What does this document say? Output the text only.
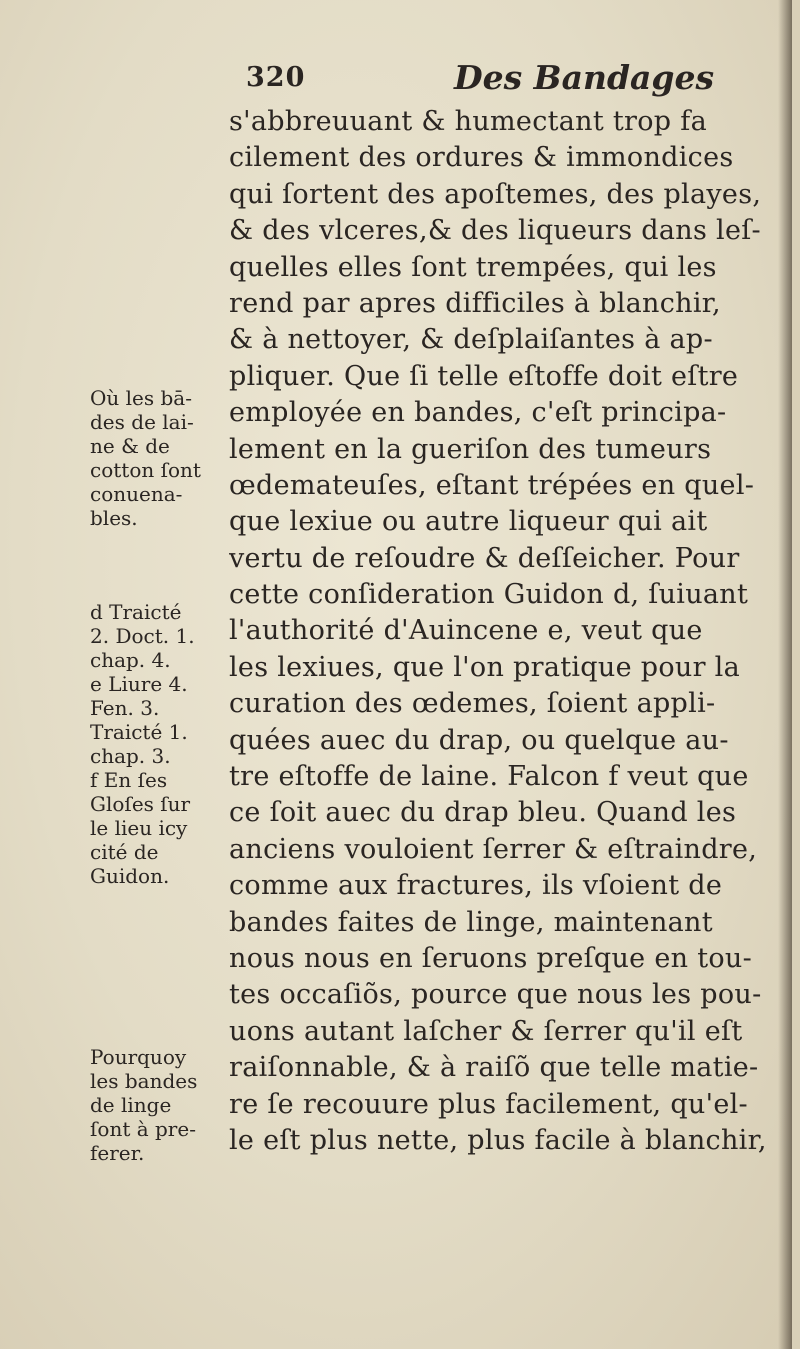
320	Des Bandages
s'abbreuuant & humectant trop fa
cilement des ordures & immondices
qui ſortent des apoſtemes, des playes,
& des vlceres,& des liqueurs dans leſ-
quelles elles ſont trempées, qui les
rend par apres difficiles à blanchir,
& à nettoyer, & deſplaiſantes à ap-
pliquer. Que ſi telle eſtoffe doit eſtre
employée en bandes, c'eſt principa-
lement en la gueriſon des tumeurs
œdemateuſes, eſtant trépées en quel-
que lexiue ou autre liqueur qui ait
vertu de reſoudre & deſſeicher. Pour
cette conſideration Guidon d, ſuiuant
l'authorité d'Auincene e, veut que
les lexiues, que l'on pratique pour la
curation des œdemes, ſoient appli-
quées auec du drap, ou quelque au-
tre eſtoffe de laine. Falcon f veut que
ce ſoit auec du drap bleu. Quand les
anciens vouloient ſerrer & eſtraindre,
comme aux fractures, ils vſoient de
bandes faites de linge, maintenant
nous nous en ſeruons preſque en tou-
tes occaſiõs, pource que nous les pou-
uons autant laſcher & ſerrer qu'il eſt
raiſonnable, & à raiſõ que telle matie-
re ſe recouure plus facilement, qu'el-
le eſt plus nette, plus facile à blanchir,
Où les bā-
des de lai-
ne & de
cotton ſont
conuena-
bles.
d Traicté
2. Doct. 1.
chap. 4.
e Liure 4.
Fen. 3.
Traicté 1.
chap. 3.
f En ſes
Gloſes ſur
le lieu icy
cité de
Guidon.
Pourquoy
les bandes
de linge
ſont à pre-
ferer.
